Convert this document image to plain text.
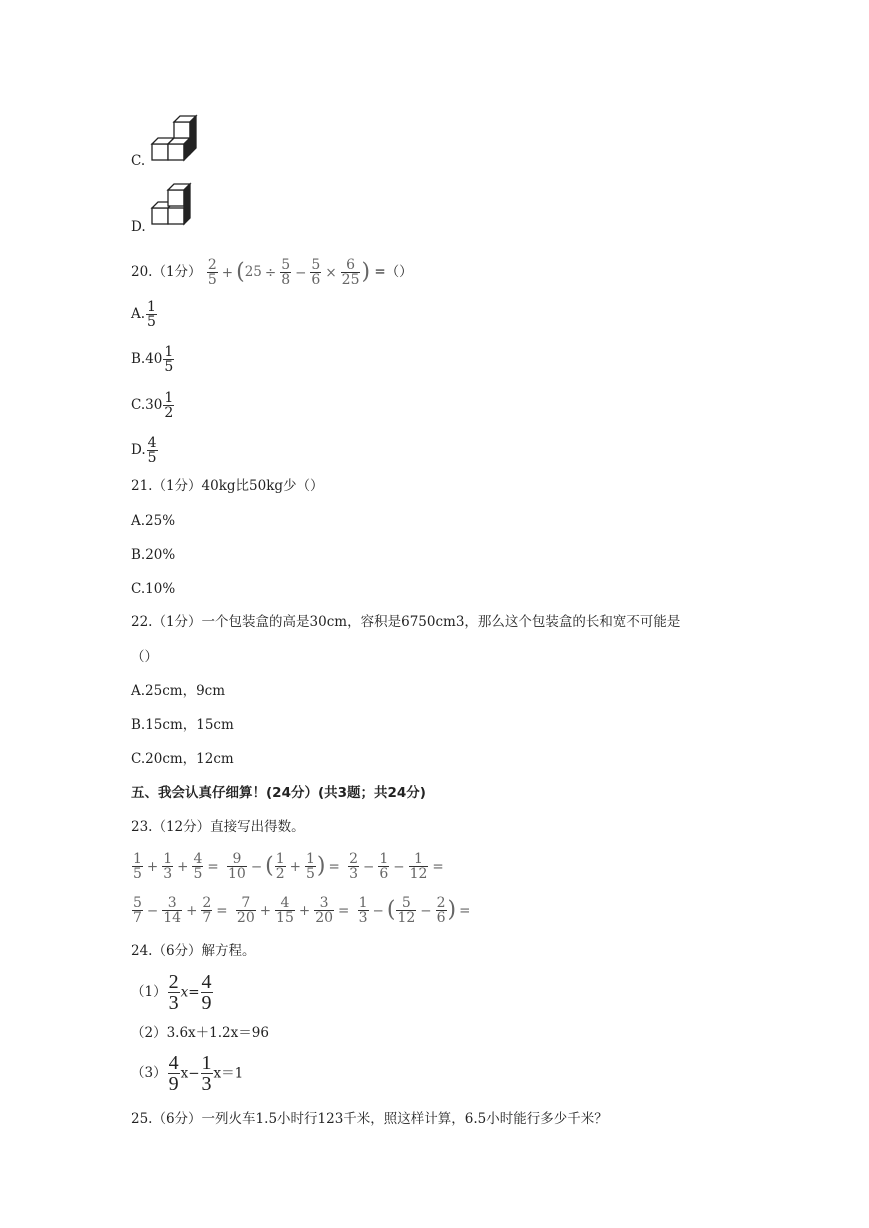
C.
D.
20.（1分） $\frac{2}{5} + (25 \div \frac{5}{8} - \frac{5}{6} \times \frac{6}{25}$ ) =（）
A. $\frac{1}{5}$
$B.40 \frac{1}{5}$
$C.30 \frac{1}{2}$
D. $\frac{4}{5}$
21.（1分）40kg比50kg少（）
A.25%
B.20%
C.10%
22.（1分）一个包装盒的高是30cm，容积是6750cm3，那么这个包装盒的长和宽不可能是
（）
A.25cm，9cm
B.15cm，15cm
C.20cm，12cm
五、我会认真仔细算！(24分）(共3题；共24分)
23.（12分）直接写出得数。
$\frac{1}{5} + \frac{1}{3} + \frac{4}{5} = \frac{9}{10}$ − ( $\frac{1}{2} + \frac{1}{5}$ ) = $\frac{2}{3} - \frac{1}{6} - \frac{1}{12}$ =
$\frac{5}{7} - \frac{3}{14} + \frac{2}{7} = \frac{7}{20} + \frac{4}{15} + \frac{3}{20} = \frac{1}{3}$ − ( $\frac{5}{12} - \frac{2}{6}$ ) =
24.（6分）解方程。
$(1) \frac{2}{3} x= \frac{4}{9}$
（2）3.6x＋1.2x＝96
$(3) \frac{4}{9} x- \frac{1}{3} x=1$
25.（6分）一列火车1.5小时行123千米，照这样计算，6.5小时能行多少千米？
